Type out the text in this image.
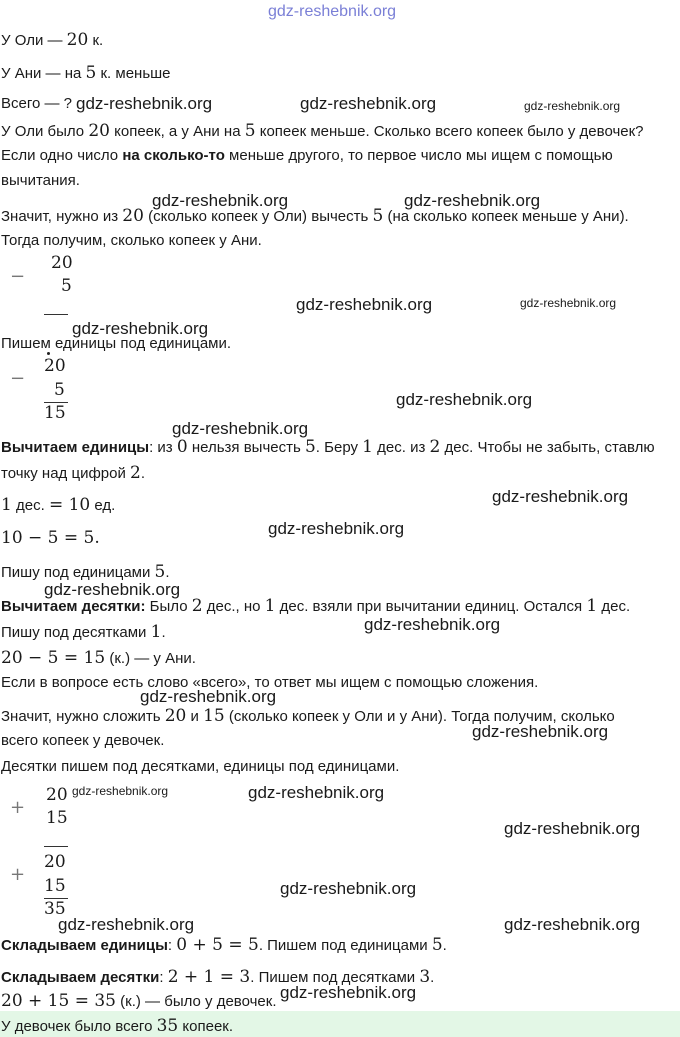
gdz-reshebnik.org
У Оли — 20 к.
У Ани — на 5 к. меньше
Всего — ? gdz-reshebnik.org	gdz-reshebnik.org	gdz-reshebnik.org
У Оли было 20 копеек, а у Ани на 5 копеек меньше. Сколько всего копеек было у девочек?
Если одно число на сколько-то меньше другого, то первое число мы ищем с помощью
вычитания.
gdz-reshebnik.org	gdz-reshebnik.org
Значит, нужно из 20 (сколько копеек у Оли) вычесть 5 (на сколько копеек меньше у Ани).
Тогда получим, сколько копеек у Ани.
−
20
5
gdz-reshebnik.org	gdz-reshebnik.org
gdz-reshebnik.org
Пишем единицы под единицами.
−
20
5
15
gdz-reshebnik.org
gdz-reshebnik.org
Вычитаем единицы: из 0 нельзя вычесть 5. Беру 1 дес. из 2 дес. Чтобы не забыть, ставлю
точку над цифрой 2.
gdz-reshebnik.org
1 дес. = 10 ед.
gdz-reshebnik.org
10 − 5 = 5.
Пишу под единицами 5.
gdz-reshebnik.org
Вычитаем десятки: Было 2 дес., но 1 дес. взяли при вычитании единиц. Остался 1 дес.
gdz-reshebnik.org
Пишу под десятками 1.
20 − 5 = 15 (к.) — у Ани.
Если в вопросе есть слово «всего», то ответ мы ищем с помощью сложения.
gdz-reshebnik.org
Значит, нужно сложить 20 и 15 (сколько копеек у Оли и у Ани). Тогда получим, сколько
gdz-reshebnik.org
всего копеек у девочек.
Десятки пишем под десятками, единицы под единицами.
+
20
15
gdz-reshebnik.org	gdz-reshebnik.org
gdz-reshebnik.org
+
20
15
35
gdz-reshebnik.org
gdz-reshebnik.org	gdz-reshebnik.org
Складываем единицы: 0 + 5 = 5. Пишем под единицами 5.
Складываем десятки: 2 + 1 = 3. Пишем под десятками 3.
gdz-reshebnik.org
20 + 15 = 35 (к.) — было у девочек.
У девочек было всего 35 копеек.
